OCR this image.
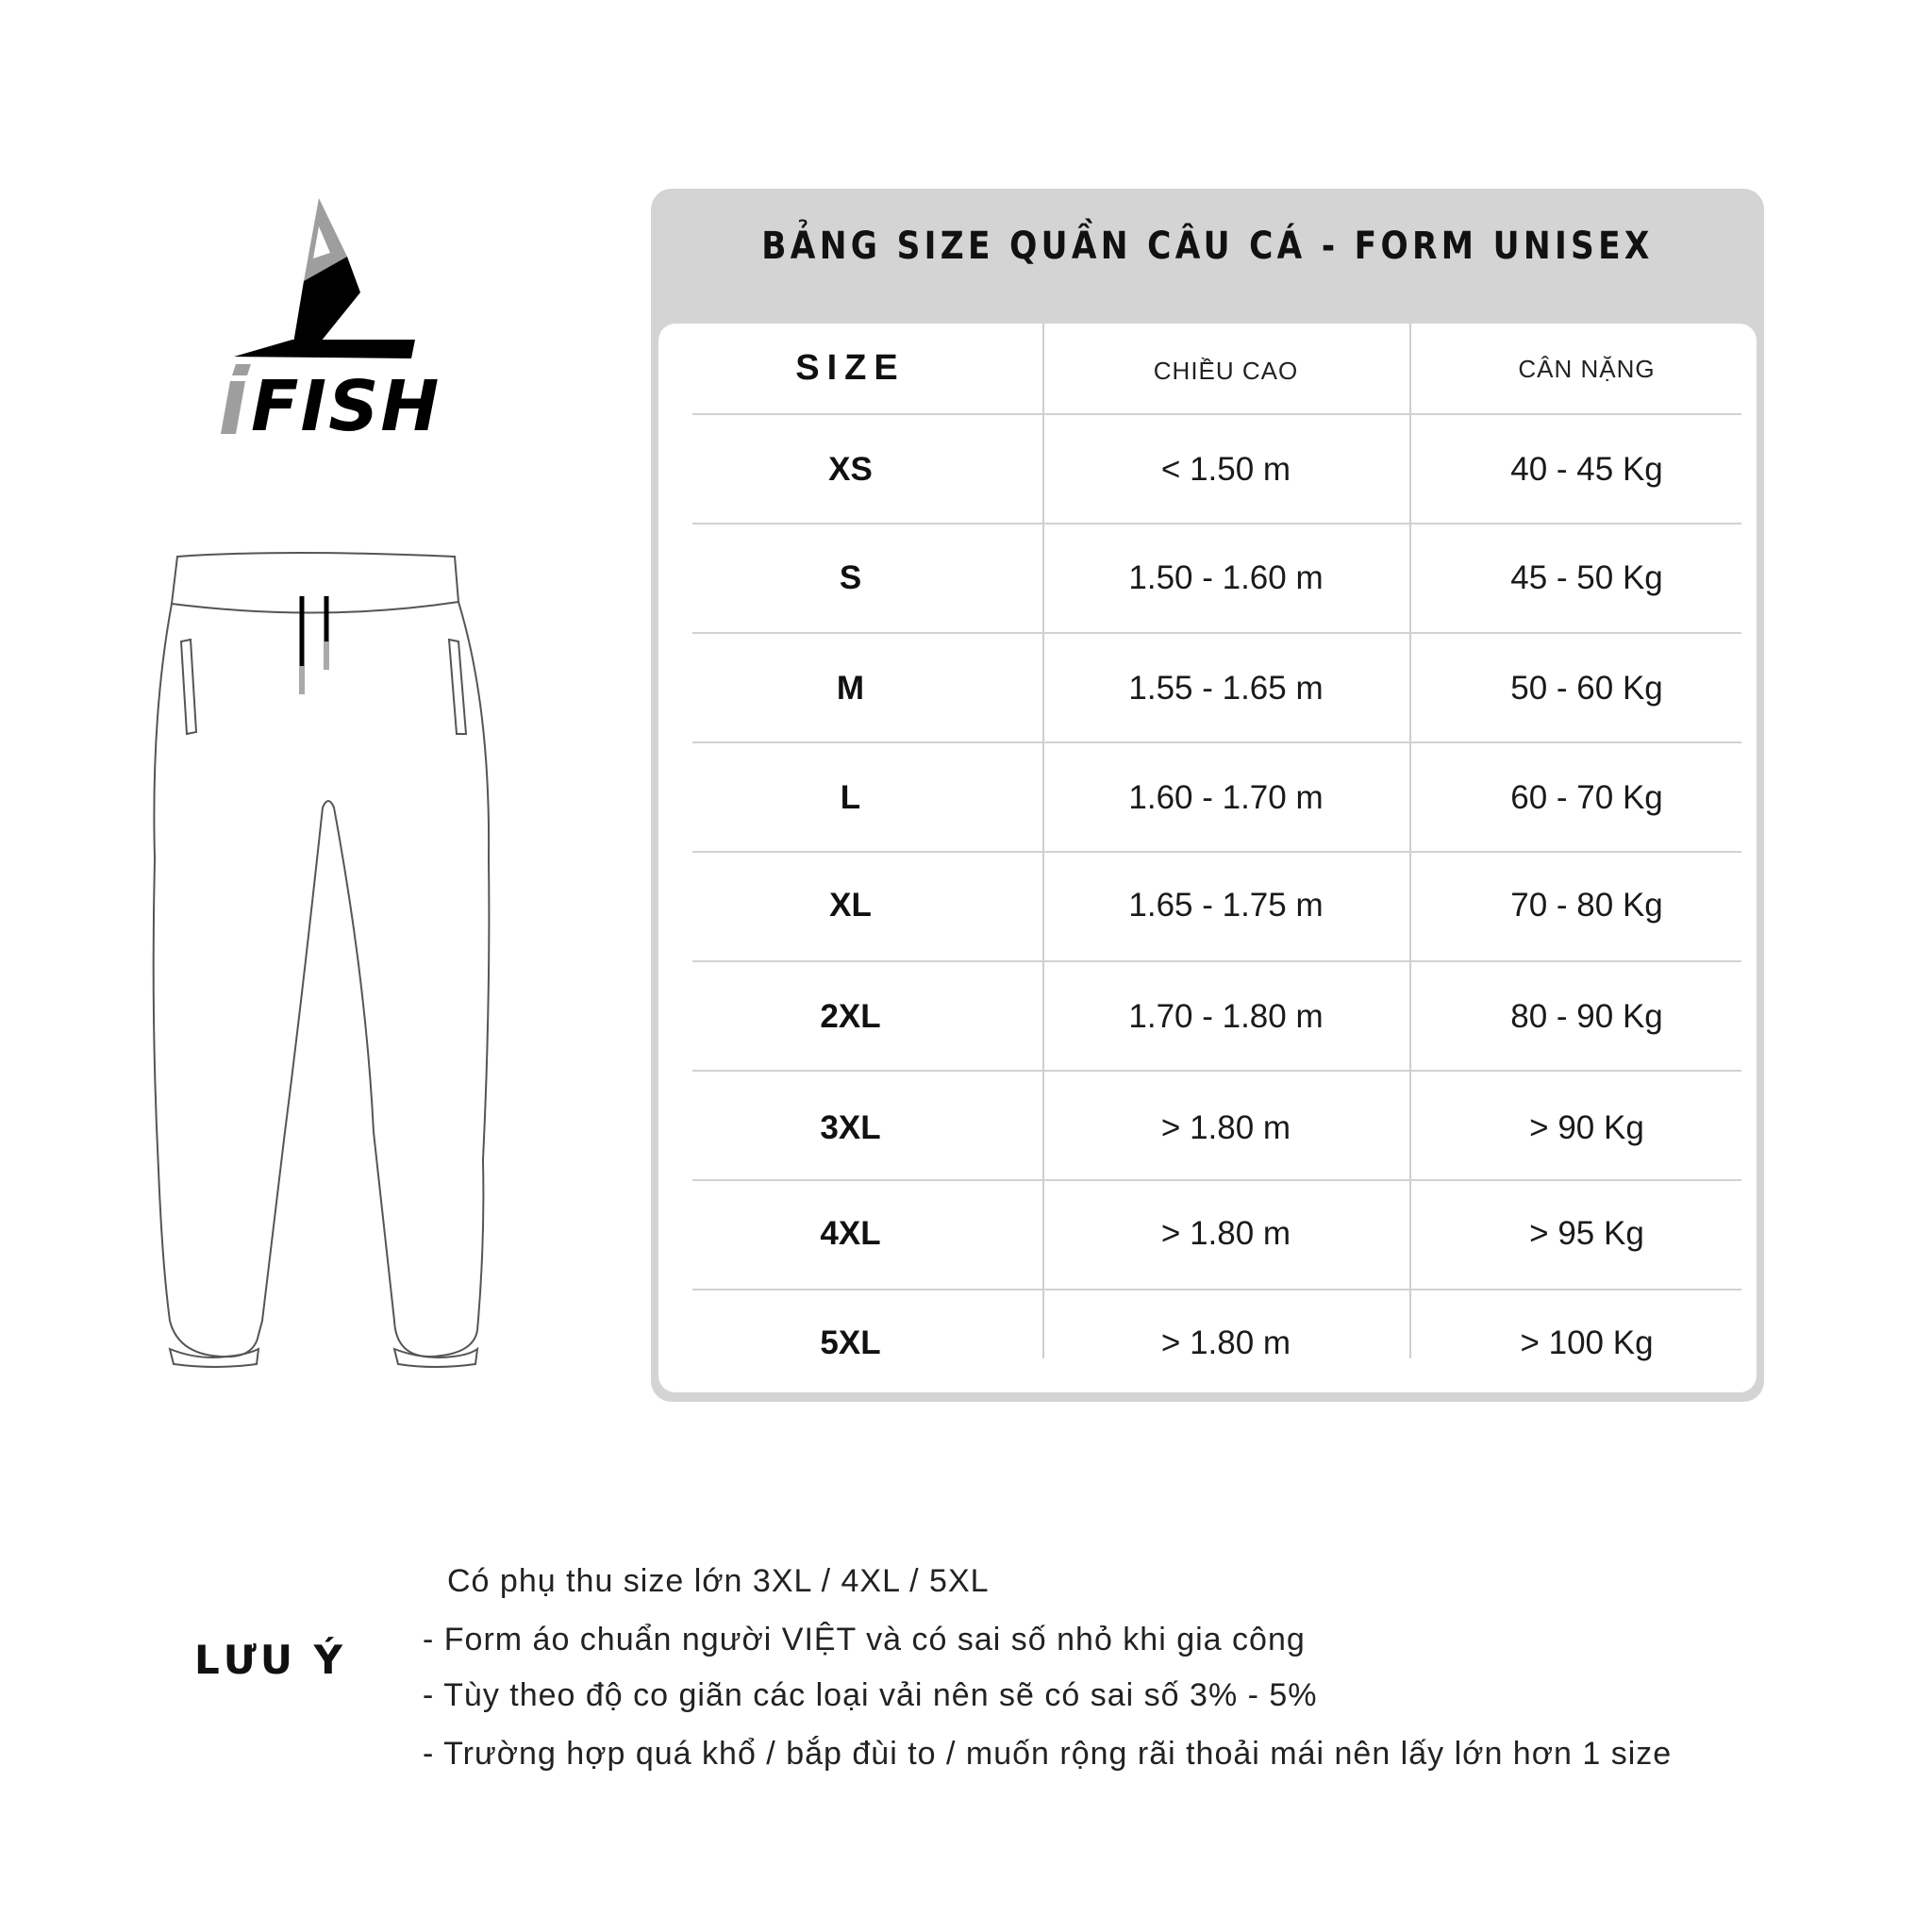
FISH
BẢNG SIZE QUẦN CÂU CÁ - FORM UNISEX
SIZE	CHIỀU CAO	CÂN NẶNG
XS	< 1.50 m	40 - 45 Kg
S	1.50 - 1.60 m	45 - 50 Kg
M	1.55 - 1.65 m	50 - 60 Kg
L	1.60 - 1.70 m	60 - 70 Kg
XL	1.65 - 1.75 m	70 - 80 Kg
2XL	1.70 - 1.80 m	80 - 90 Kg
3XL	> 1.80 m	> 90 Kg
4XL	> 1.80 m	> 95 Kg
5XL	> 1.80 m	> 100 Kg
LƯU Ý
Có phụ thu size lớn 3XL / 4XL / 5XL
- Form áo chuẩn người VIỆT và có sai số nhỏ khi gia công
- Tùy theo độ co giãn các loại vải nên sẽ có sai số 3% - 5%
- Trường hợp quá khổ / bắp đùi to / muốn rộng rãi thoải mái nên lấy lớn hơn 1 size
